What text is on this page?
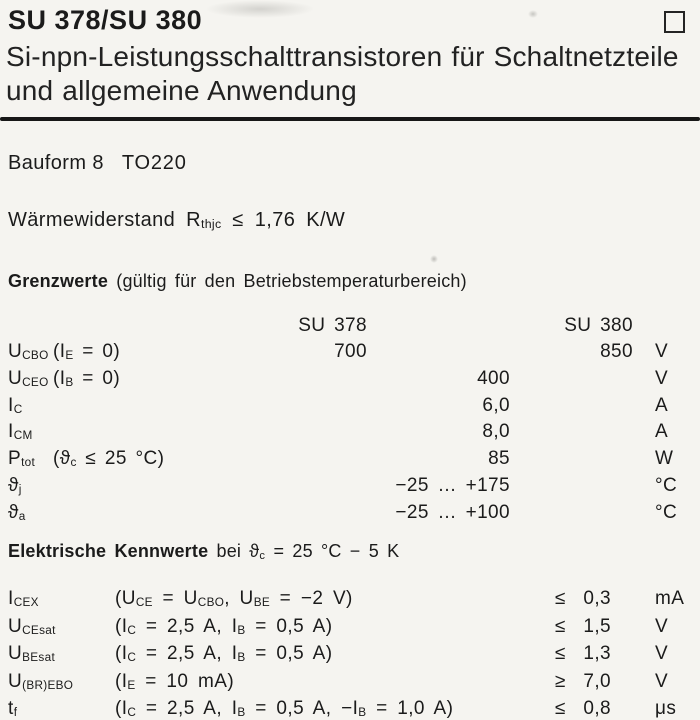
SU 378/SU 380
Si-npn-Leistungsschalttransistoren für Schaltnetzteile
und allgemeine Anwendung
Bauform 8 TO220
Wärmewiderstand Rthjc ≤ 1,76 K/W
Grenzwerte (gültig für den Betriebstemperaturbereich)
SU 378	SU 380
UCBO (IE = 0)	700	850	V
UCEO (IB = 0)	400	V
IC	6,0	A
ICM	8,0	A
Ptot (ϑc ≤ 25 °C)	85	W
ϑj	−25 … +175	°C
ϑa	−25 … +100	°C
Elektrische Kennwerte bei ϑc = 25 °C − 5 K
ICEX	(UCE = UCBO, UBE = −2 V)	≤ 0,3	mA
UCEsat	(IC = 2,5 A, IB = 0,5 A)	≤ 1,5	V
UBEsat	(IC = 2,5 A, IB = 0,5 A)	≤ 1,3	V
U(BR)EBO	(IE = 10 mA)	≥ 7,0	V
tf	(IC = 2,5 A, IB = 0,5 A, −IB = 1,0 A)	≤ 0,8	μs
